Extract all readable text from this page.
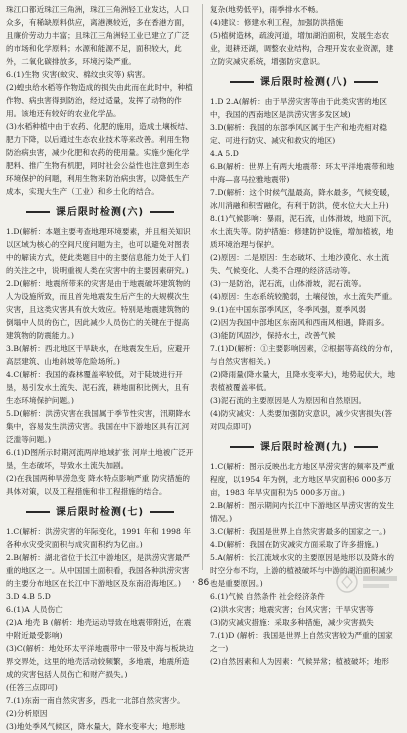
珠江口都近珠江三角洲，珠江三角洲轻工业发达，人口众多，有稀缺原料供应，离港澳较近，多在香港方面，且廉价劳动力丰富；且珠江三角洲轻工业已建立了广泛的市场和化学原料；水源和能源不足，面积较大，此外，二氧化碳排放多，环境污染严重。

6.(1)生物 灾害(蚊灾、棉纹虫灾等) 病害。

(2)蝗虫给水稻等作物造成的损失由此而在此时中，种植作物、病虫害得到防治，经过适量，发挥了动物的作用。该地还有较好的农业化学品。

(3)水稻种植中由于农药、化肥的施用，造成土壤板结、肥力下降，以后通过生态农业技术等来改善。利用生物防治病虫害，减少化肥和农药的使用量。实施少施化学肥料、推广生物有机肥，同时社会公益性也注意到生态环境保护的问题，利用生物来防治病虫害，以降低生产成本，实现大生产（工业）和乡土化的结合。

课后限时检测(六)

1.D(解析：本题主要考查地理环境要素，并且相关知识以区域为核心的空间尺度问题为主，也可以避免对图表中的解读方式，使此类题目中的主要信息能力处于人们的关注之中，说明重视人类在灾害中的主要因素研究。)

2.D(解析：地震所带来的灾害是由于地震破坏建筑物的人为设施所致，而且首先地震发生后产生的大规模次生灾害，且这类灾害具有放大效应。特别是地震建筑物的倒塌中人员的伤亡，因此减少人员伤亡的关键在于提高建筑物的防震能力。)

3.B(解析：西北地区干旱缺水，在地震发生后，应避开高层建筑、山地斜坡等危险场所。)

4.C(解析：我国的森林覆盖率较低，对于陡坡进行开垦，易引发水土流失、泥石流，耕地面积比例大，且有生态环境保护问题。)

5.D(解析：洪涝灾害在我国属于季节性灾害，汛期降水集中，容易发生洪涝灾害。我国在中下游地区具有江河泛滥等问题。)

6.(1)D图所示时期河流两岸地域扩张 河岸土地被广泛开垦，生态破坏，导致水土流失加剧。

(2)在我国两种旱涝急变 降水特点影响严重 防灾措施的具体对策，以及工程措施和非工程措施的结合。

课后限时检测(七)

1.C(解析：洪涝灾害的年际变化，1991 年和 1998 年各种水灾受灾面积与成灾面积约为亿亩。)

2.B(解析：湖北省位于长江中游地区，是洪涝灾害最严重的地区之一。从中国国土面积看，我国各种洪涝灾害的主要分布地区在长江中下游地区及东南沿海地区。)

3.D 4.B 5.D

6.(1)A 人员伤亡

(2)A 地壳 B (解析：地壳运动导致在地震带附近，在震中附近最受影响)

(3)C(解析：地处环太平洋地震带中一带及中海与板块边界交界处，这里的地壳活动较频繁，多地震，地震所造成的灾害包括人员伤亡和财产损失。)

(任答三点即可)

7.(1)东南一南自然灾害多，西北一北部自然灾害少。

(2)分析原因

(3)地处季风气候区，降水量大，降水变率大；地形地

复杂(地势低平)，雨季排水不畅。

(4)建议：修建水利工程，加强防洪措施

(5)植树造林，疏浚河道，增加湖泊面积，发展生态农业，退耕还湖，调整农业结构，合理开发农业资源，建立防灾减灾系统，增强防灾意识。

课后限时检测(八)

1.D 2.A(解析：由于旱涝灾害等由于此类灾害的地区中，我国的西南地区是洪涝灾害多发区域)

3.D(解析：我国的东部季风区属于生产和地壳相对稳定、可进行防灾、减灾和救灾的地区)

4.A 5.D

6.B(解析：世界上有两大地震带：环太平洋地震带和地中海—喜马拉雅地震带)

7.D(解析：这个时候气温最高，降水最多，气候变暖，冰川消融和积雪融化，有利于防洪，使水位大大上升)

8.(1)气候影响：暴雨，泥石流，山体滑坡，地面下沉，水土流失等。防护措施：修建防护设施，增加植被，地质环境治理与保护。

(2)原因：二是原因：生态破坏、土地沙漠化、水土流失、气候变化、人类不合理的经济活动等。

(3)一是防治，泥石流，山体滑坡，泥石流等。

(4)原因：生态系统较脆弱，土壤侵蚀，水土流失严重。

9.(1)在中国东部季风区，冬季风强，夏季风弱

(2)因为我国中部地区东南风和西南风相遇，降雨多。

(3)能防风固沙，保持水土，改善气候

7.(1)D(解析：①主要影响因素，②根据等高线的分布，与自然灾害相关。)

(2)降雨量(降水量大，且降水变率大)，地势起伏大，地表植被覆盖率低。

(3)泥石流的主要原因是人为原因和自然原因。

(4)防灾减灾：人类要加强防灾意识，减少灾害损失(答对四点即可)

课后限时检测(九)

1.C(解析：图示反映出北方地区旱涝灾害的频率及严重程度，以1954 年为例，北方地区旱灾面积6 000多万亩，1983 年旱灾面积为5 000多万亩。)

2.B(解析：图示期间内长江中下游地区旱涝灾害的发生情况。)

3.C(解析：我国是世界上自然灾害最多的国家之一。)

4.D(解析：我国在防灾减灾方面采取了许多措施。)

5.A(解析：长江流域水灾的主要原因是地形以及降水的时空分布不均，上游的植被破坏与中游的湖泊面积减少也是重要原因。)

6.(1)气候 自然条件 社会经济条件

(2)洪水灾害；地震灾害；台风灾害；干旱灾害等

(3)防灾减灾措施：采取多种措施，减少灾害损失

7.(1)D (解析：我国是世界上自然灾害较为严重的国家之一)

(2)自然因素和人为因素：气候异常；植被破坏；地形

· 86 ·
